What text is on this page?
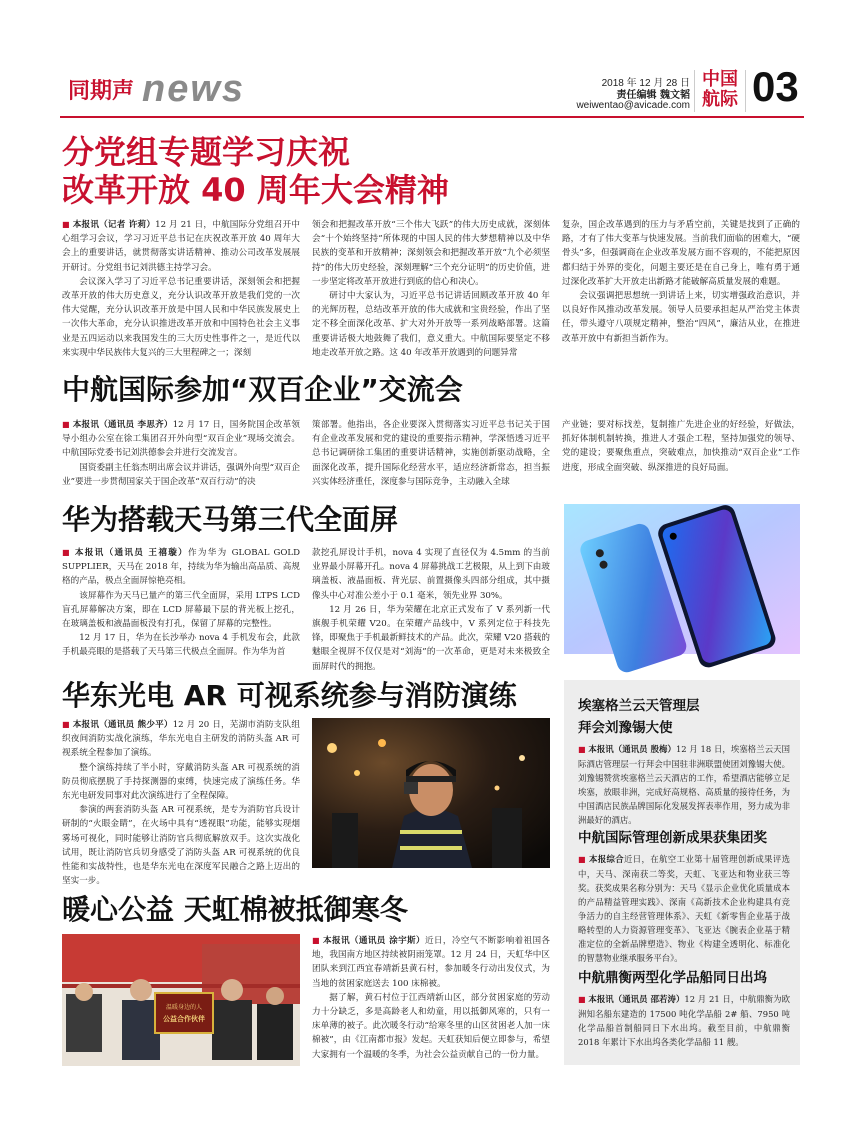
同期声 news	2018 年 12 月 28 日
责任编辑 魏文韬
weiwentao@avicade.com
中国
航际 03
分党组专题学习庆祝
改革开放 40 周年大会精神

■ 本报讯（记者 许莉）12 月 21 日，中航国际分党组召开中心组学习会议，学习习近平总书记在庆祝改革开放 40 周年大会上的重要讲话，就贯彻落实讲话精神、推动公司改革发展展开研讨。分党组书记刘洪德主持学习会。

会议深入学习了习近平总书记重要讲话，深刻领会和把握改革开放的伟大历史意义，充分认识改革开放是我们党的一次伟大觉醒，充分认识改革开放是中国人民和中华民族发展史上一次伟大革命，充分认识推进改革开放和中国特色社会主义事业是五四运动以来我国发生的三大历史性事件之一，是近代以来实现中华民族伟大复兴的三大里程碑之一；深刻

领会和把握改革开放“三个伟大飞跃”的伟大历史成就，深刻体会“十个始终坚持”所体现的中国人民的伟大梦想精神以及中华民族的变革和开放精神；深刻领会和把握改革开放“九个必须坚持”的伟大历史经验，深刻理解“三个充分证明”的历史价值，进一步坚定将改革开放进行到底的信心和决心。

研讨中大家认为，习近平总书记讲话回顾改革开放 40 年的光辉历程，总结改革开放的伟大成就和宝贵经验，作出了坚定不移全面深化改革、扩大对外开放等一系列战略部署。这篇重要讲话极大地鼓舞了我们，意义重大。中航国际要坚定不移地走改革开放之路。这 40 年改革开放遇到的问题异常

复杂，国企改革遇到的压力与矛盾空前，关键是找到了正确的路，才有了伟大变革与快速发展。当前我们面临的困难大，“硬骨头”多，但强调商在企业改革发展方面不容观的，不能把原因都归结于外界的变化，问题主要还是在自己身上，唯有勇于通过深化改革扩大开放走出新路才能破解高质量发展的难题。

会议强调把思想统一到讲话上来，切实增强政治意识，并以良好作风推动改革发展。领导人员要承担起从严治党主体责任，带头遵守八项规定精神，整治“四风”，廉洁从业，在推进改革开放中有新担当新作为。

中航国际参加“双百企业”交流会

■ 本报讯（通讯员 李思齐）12 月 17 日，国务院国企改革领导小组办公室在徐工集团召开外向型“双百企业”现场交流会。中航国际党委书记刘洪德参会并进行交流发言。

国资委副主任翁杰明出席会议并讲话，强调外向型“双百企业”要进一步贯彻国家关于国企改革“双百行动”的决

策部署。他指出，各企业要深入贯彻落实习近平总书记关于国有企业改革发展和党的建设的重要指示精神，学深悟透习近平总书记调研徐工集团的重要讲话精神，实施创新驱动战略，全面深化改革，提升国际化经营水平，适应经济新常态，担当振兴实体经济重任，深度参与国际竞争，主动融入全球

产业链；要对标找差，复制推广先进企业的好经验，好做法，抓好体制机制转换，推进人才强企工程，坚持加强党的领导、党的建设；要聚焦重点，突破难点，加快推动“双百企业”工作进度，形成全面突破、纵深推进的良好局面。

华为搭载天马第三代全面屏

■ 本报讯（通讯员 王禧璇）作为华为 GLOBAL GOLD SUPPLIER，天马在 2018 年，持续为华为输出高品质、高规格的产品，极点全面屏惊艳亮相。

该屏幕作为天马已量产的第三代全面屏，采用 LTPS LCD 盲孔屏幕解决方案，即在 LCD 屏幕最下层的背光板上挖孔，在玻璃盖板和液晶面板没有打孔，保留了屏幕的完整性。

12 月 17 日，华为在长沙举办 nova 4 手机发布会，此款手机最亮眼的是搭载了天马第三代极点全面屏。作为华为首

款挖孔屏设计手机，nova 4 实现了直径仅为 4.5mm 的当前业界最小屏幕开孔。nova 4 屏幕挑战工艺极限，从上到下由玻璃盖板、液晶面板、背光层、前置摄像头四部分组成，其中摄像头中心对准公差小于 0.1 毫米，领先业界 30%。

12 月 26 日，华为荣耀在北京正式发布了 V 系列新一代旗舰手机荣耀 V20。在荣耀产品线中，V 系列定位于科技先锋，即聚焦于手机最新鲜技术的产品。此次，荣耀 V20 搭载的魅眼全视屏不仅仅是对“刘海”的一次革命，更是对未来极致全面屏时代的拥抱。

华东光电 AR 可视系统参与消防演练

■ 本报讯（通讯员 熊少平）12 月 20 日，芜湖市消防支队组织夜间消防实战化演练，华东光电自主研发的消防头盔 AR 可视系统全程参加了演练。

整个演练持续了半小时，穿戴消防头盔 AR 可视系统的消防员彻底摆脱了手持探测器的束缚，快速完成了演练任务。华东光电研发同事对此次演练进行了全程保障。

参演的两套消防头盔 AR 可视系统，是专为消防官兵设计研制的“火眼金睛”，在火场中具有“透视眼”功能，能够实现烟雾场可视化，同时能够让消防官兵彻底解放双手。这次实战化试用，既让消防官兵切身感受了消防头盔 AR 可视系统的优良性能和实战特性，也是华东光电在深度军民融合之路上迈出的坚实一步。

暖心公益 天虹棉被抵御寒冬
温暖身边的人
公益合作伙伴

■ 本报讯（通讯员 涂宇斯）近日，冷空气不断影响着祖国各地，我国南方地区持续被阴雨笼罩。12 月 24 日，天虹华中区团队来到江西宜春靖新县黄石村，参加暖冬行动出发仪式，为当地的贫困家庭送去 100 床棉被。

据了解，黄石村位于江西靖新山区，部分贫困家庭的劳动力十分缺乏，多是高龄老人和幼童，用以抵御风寒的，只有一床单薄的被子。此次暖冬行动“给寒冬里的山区贫困老人加一床棉被”，由《江南都市报》发起。天虹获知后便立即参与，希望大家拥有一个温暖的冬季，为社会公益贡献自己的一份力量。

埃塞格兰云天管理层
拜会刘豫锡大使
■ 本报讯（通讯员 殷梅）12 月 18 日，埃塞格兰云天国际酒店管理层一行拜会中国驻非洲联盟使团刘豫锡大使。刘豫锡赞赏埃塞格兰云天酒店的工作，希望酒店能够立足埃塞，放眼非洲，完成好高规格、高质量的接待任务，为中国酒店民族品牌国际化发展发挥表率作用，努力成为非洲最好的酒店。
中航国际管理创新成果获集团奖
■ 本报综合近日，在航空工业第十届管理创新成果评选中，天马、深南获二等奖，天虹、飞亚达和物业获三等奖。获奖成果名称分别为：天马《显示企业优化质量成本的产品精益管理实践》、深南《高新技术企业构建具有竞争活力的自主经营管理体系》、天虹《新零售企业基于战略转型的人力资源管理变革》、飞亚达《腕表企业基于精准定位的全新品牌塑造》、物业《构建全透明化、标准化的智慧物业继承服务平台》。
中航鼎衡两型化学品船同日出坞
■ 本报讯（通讯员 邵若涛）12 月 21 日，中航鼎衡为欧洲知名船东建造的 17500 吨化学品船 2# 船、7950 吨化学品船首制船同日下水出坞。截至目前，中航鼎衡 2018 年累计下水出坞各类化学品船 11 艘。
